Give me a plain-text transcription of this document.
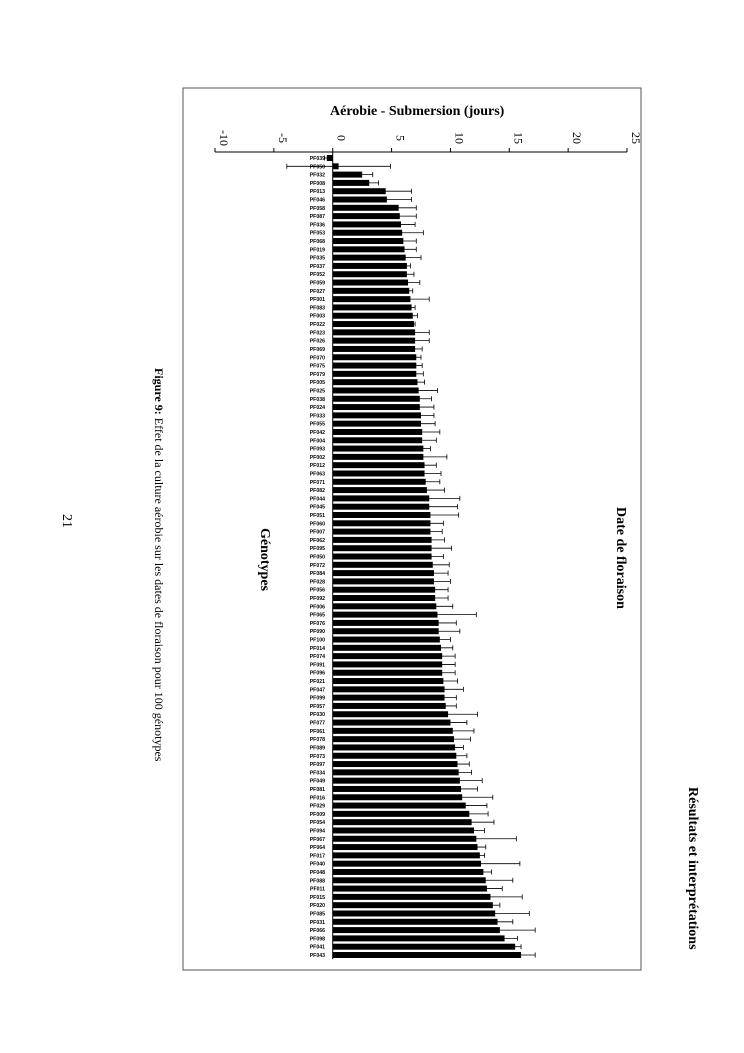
Résultats et interprétations
Date de floraison
Aérobie - Submersion (jours)
Génotypes
-10	-5	0	5	10	15	20	25
PF039
PF050
PF032
PF008
PF013
PF046
PF058
PF087
PF036
PF053
PF068
PF019
PF035
PF037
PF052
PF059
PF027
PF001
PF083
PF003
PF022
PF023
PF026
PF069
PF070
PF075
PF079
PF005
PF025
PF038
PF024
PF033
PF055
PF042
PF004
PF093
PF002
PF012
PF063
PF071
PF082
PF044
PF045
PF051
PF060
PF007
PF062
PF095
PF050
PF072
PF084
PF028
PF056
PF092
PF006
PF065
PF076
PF090
PF100
PF014
PF074
PF091
PF096
PF021
PF047
PF099
PF057
PF030
PF077
PF061
PF078
PF089
PF073
PF097
PF034
PF049
PF081
PF016
PF029
PF009
PF054
PF094
PF067
PF064
PF017
PF040
PF048
PF088
PF011
PF015
PF020
PF085
PF031
PF066
PF098
PF041
PF043
Figure 9: Effet de la culture aérobie sur les dates de floraison pour 100 génotypes
21
